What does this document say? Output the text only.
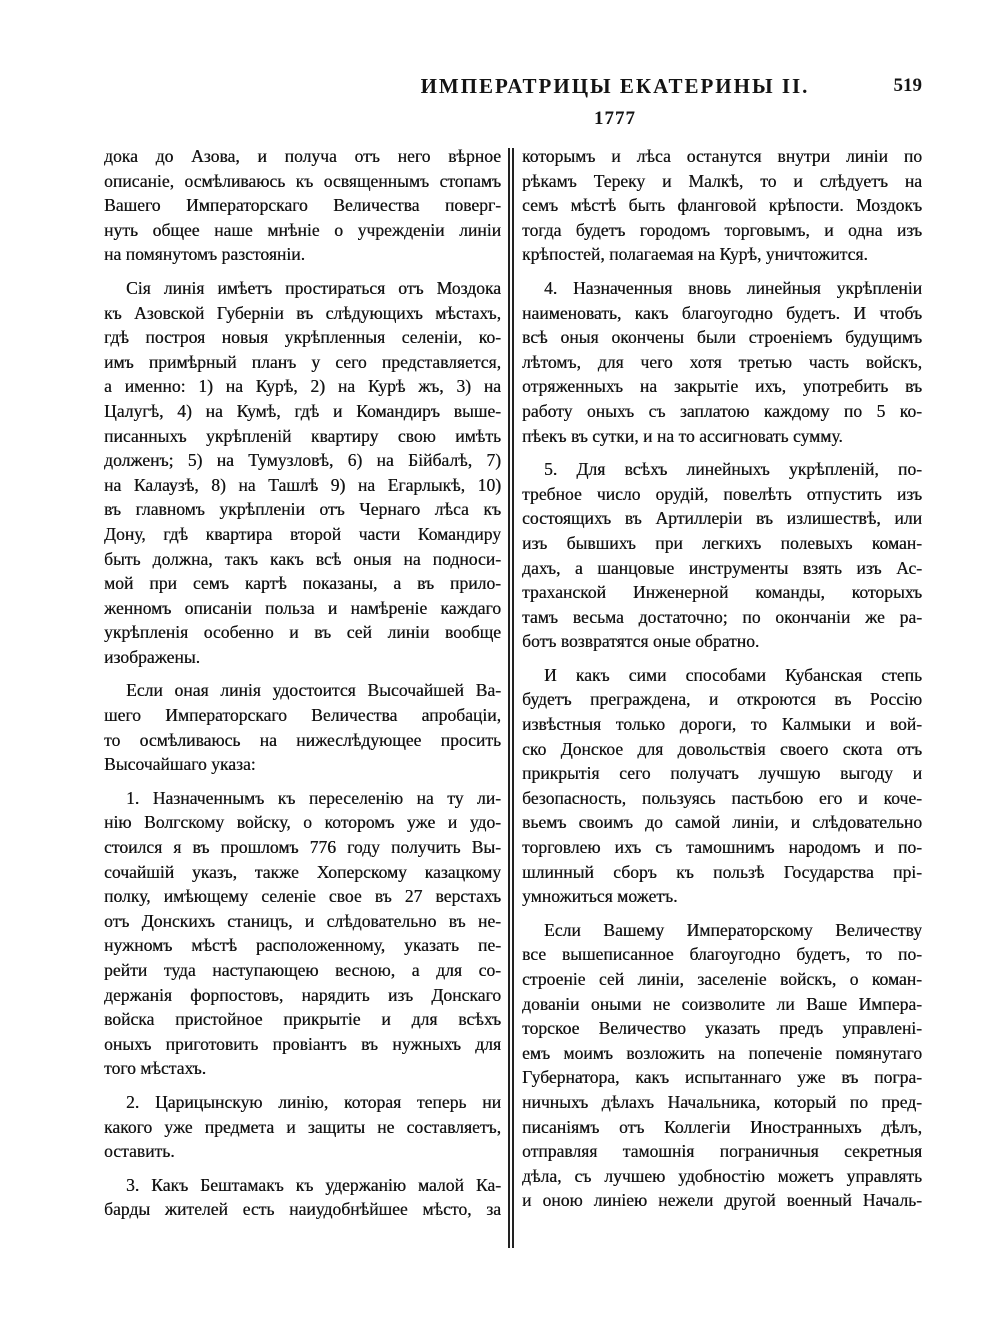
ИМПЕРАТРИЦЫ ЕКАТЕРИНЫ II.	519
1777
дока до Азова, и получа отъ него вѣрное
описаніе, осмѣливаюсь къ освященнымъ стопамъ
Вашего Императорскаго Величества поверг-
нуть общее наше мнѣніе о учрежденіи линіи
на помянутомъ разстояніи.
Сія линія имѣетъ простираться отъ Моздока
къ Азовской Губерніи въ слѣдующихъ мѣстахъ,
гдѣ построя новыя укрѣпленныя селеніи, ко-
имъ примѣрный планъ у сего представляется,
а именно: 1) на Курѣ, 2) на Курѣ жъ, 3) на
Цалугѣ, 4) на Кумѣ, гдѣ и Командиръ выше-
писанныхъ укрѣпленій квартиру свою имѣть
долженъ; 5) на Тумузловѣ, 6) на Бійбалѣ, 7)
на Калаузѣ, 8) на Ташлѣ 9) на Егарлыкѣ, 10)
въ главномъ укрѣпленіи отъ Чернаго лѣса къ
Дону, гдѣ квартира второй части Командиру
быть должна, такъ какъ всѣ оныя на подноси-
мой при семъ картѣ показаны, а въ прило-
женномъ описаніи польза и намѣреніе каждаго
укрѣпленія особенно и въ сей линіи вообще
изображены.
Если оная линія удостоится Высочайшей Ва-
шего Императорскаго Величества апробаціи,
то осмѣливаюсь на нижеслѣдующее просить
Высочайшаго указа:
1. Назначеннымъ къ переселенію на ту ли-
нію Волгскому войску, о которомъ уже и удо-
стоился я въ прошломъ 776 году получить Вы-
сочайшій указъ, также Хоперскому казацкому
полку, имѣющему селеніе свое въ 27 верстахъ
отъ Донскихъ станицъ, и слѣдовательно въ не-
нужномъ мѣстѣ расположенному, указать пе-
рейти туда наступающею весною, а для со-
держанія форпостовъ, нарядить изъ Донскаго
войска пристойное прикрытіе и для всѣхъ
оныхъ приготовить провіантъ въ нужныхъ для
того мѣстахъ.
2. Царицынскую линію, которая теперь ни
какого уже предмета и защиты не составляетъ,
оставить.
3. Какъ Бештамакъ къ удержанію малой Ка-
барды жителей есть наиудобнѣйшее мѣсто, за
которымъ и лѣса останутся внутри линіи по
рѣкамъ Тереку и Малкѣ, то и слѣдуетъ на
семъ мѣстѣ быть фланговой крѣпости. Моздокъ
тогда будетъ городомъ торговымъ, и одна изъ
крѣпостей, полагаемая на Курѣ, уничтожится.
4. Назначенныя вновь линейныя укрѣпленіи
наименовать, какъ благоугодно будетъ. И чтобъ
всѣ оныя окончены были строеніемъ будущимъ
лѣтомъ, для чего хотя третью часть войскъ,
отряженныхъ на закрытіе ихъ, употребить въ
работу оныхъ съ заплатою каждому по 5 ко-
пѣекъ въ сутки, и на то ассигновать сумму.
5. Для всѣхъ линейныхъ укрѣпленій, по-
требное число орудій, повелѣть отпустить изъ
состоящихъ въ Артиллеріи въ излишествѣ, или
изъ бывшихъ при легкихъ полевыхъ коман-
дахъ, а шанцовые инструменты взять изъ Ас-
траханской Инженерной команды, которыхъ
тамъ весьма достаточно; по окончаніи же ра-
ботъ возвратятся оные обратно.
И какъ сими способами Кубанская степь
будетъ преграждена, и откроются въ Россію
извѣстныя только дороги, то Калмыки и вой-
ско Донское для довольствія своего скота отъ
прикрытія сего получатъ лучшую выгоду и
безопасность, пользуясь пастьбою его и коче-
вьемъ своимъ до самой линіи, и слѣдовательно
торговлею ихъ съ тамошнимъ народомъ и по-
шлинный сборъ къ пользѣ Государства прі-
умножиться можетъ.
Если Вашему Императорскому Величеству
все вышеписанное благоугодно будетъ, то по-
строеніе сей линіи, заселеніе войскъ, о коман-
дованіи оными не соизволите ли Ваше Импера-
торское Величество указать предъ управлені-
емъ моимъ возложить на попеченіе помянутаго
Губернатора, какъ испытаннаго уже въ погра-
ничныхъ дѣлахъ Начальника, который по пред-
писаніямъ отъ Коллегіи Иностранныхъ дѣлъ,
отправляя тамошнія пограничныя секретныя
дѣла, съ лучшею удобностію можетъ управлять
и оною линіею нежели другой военный Началь-
